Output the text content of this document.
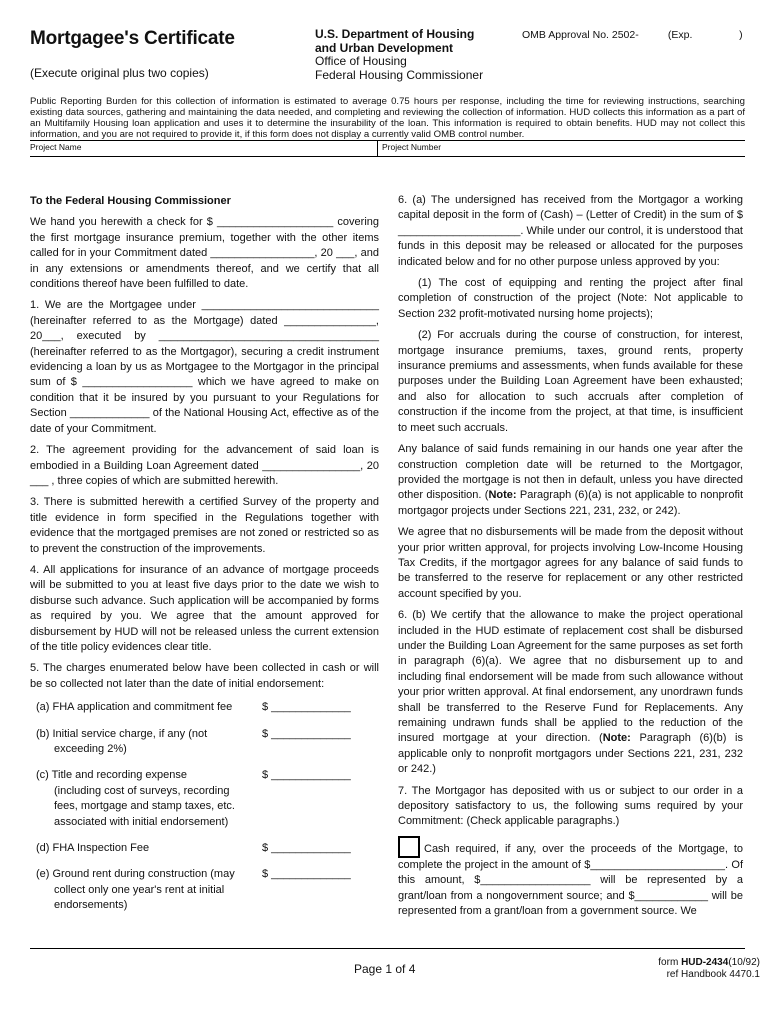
Mortgagee's Certificate
(Execute original plus two copies)
U.S. Department of Housing
and Urban Development
Office of Housing
Federal Housing Commissioner
OMB Approval No. 2502-          (Exp.                )
Public Reporting Burden for this collection of information is estimated to average 0.75 hours per response, including the time for reviewing instructions, searching existing data sources, gathering and maintaining the data needed, and completing and reviewing the collection of information. HUD collects this information as a part of an Multifamily Housing loan application and uses it to determine the insurability of the loan. This information is required to obtain benefits. HUD may not collect this information, and you are not required to provide it, if this form does not display a currently valid OMB control number.
Project Name	Project Number
To the Federal Housing Commissioner

We hand you herewith a check for $ ___________________ covering the first mortgage insurance premium, together with the other items called for in your Commitment dated _________________, 20 ___, and in any extensions or amendments thereof, and we certify that all conditions thereof have been fulfilled to date.

1. We are the Mortgagee under _____________________________ (hereinafter referred to as the Mortgage) dated _______________, 20___, executed by ____________________________________ (hereinafter referred to as the Mortgagor), securing a credit instrument evidencing a loan by us as Mortgagee to the Mortgagor in the principal sum of $ __________________ which we have agreed to make on condition that it be insured by you pursuant to your Regulations for Section _____________ of the National Housing Act, effective as of the date of your Commitment.

2. The agreement providing for the advancement of said loan is embodied in a Building Loan Agreement dated ________________, 20 ___ , three copies of which are submitted herewith.

3. There is submitted herewith a certified Survey of the property and title evidence in form specified in the Regulations together with evidence that the mortgaged premises are not zoned or restricted so as to prevent the construction of the improvements.

4. All applications for insurance of an advance of mortgage proceeds will be submitted to you at least five days prior to the date we wish to disburse such advance. Such application will be accompanied by forms as required by you. We agree that the amount approved for disbursement by HUD will not be released unless the current extension of the title policy evidences clear title.

5. The charges enumerated below have been collected in cash or will be so collected not later than the date of initial endorsement:

(a) FHA application and commitment fee	$ _____________
(b) Initial service charge, if any (not exceeding 2%)
$ _____________
(c) Title and recording expense (including cost of surveys, recording fees, mortgage and stamp taxes, etc. associated with initial endorsement)
$ _____________
(d) FHA Inspection Fee	$ _____________
(e) Ground rent during construction (may collect only one year's rent at initial endorsements)
$ _____________

6. (a) The undersigned has received from the Mortgagor a working capital deposit in the form of (Cash) – (Letter of Credit) in the sum of $ ____________________. While under our control, it is understood that funds in this deposit may be released or allocated for the purposes indicated below and for no other purpose unless approved by you:

(1) The cost of equipping and renting the project after final completion of construction of the project (Note: Not applicable to Section 232 profit-motivated nursing home projects);

(2) For accruals during the course of construction, for interest, mortgage insurance premiums, taxes, ground rents, property insurance premiums and assessments, when funds available for these purposes under the Building Loan Agreement have been exhausted; and also for allocation to such accruals after completion of construction if the income from the project, at that time, is insufficient to meet such accruals.

Any balance of said funds remaining in our hands one year after the construction completion date will be returned to the Mortgagor, provided the mortgage is not then in default, unless you have directed other disposition. (Note: Paragraph (6)(a) is not applicable to nonprofit mortgagor projects under Sections 221, 231, 232, or 242).

We agree that no disbursements will be made from the deposit without your prior written approval, for projects involving Low-Income Housing Tax Credits, if the mortgagor agrees for any balance of said funds to be transferred to the reserve for replacement or any other restricted account specified by you.

6. (b) We certify that the allowance to make the project operational included in the HUD estimate of replacement cost shall be disbursed under the Building Loan Agreement for the same purposes as set forth in paragraph (6)(a). We agree that no disbursement up to and including final endorsement will be made from such allowance without your prior written approval. At final endorsement, any unordrawn funds shall be transferred to the Reserve Fund for Replacements. Any remaining undrawn funds shall be applied to the reduction of the insured mortgage at your direction. (Note: Paragraph (6)(b) is applicable only to nonprofit mortgagors under Sections 221, 231, 232 or 242.)

7. The Mortgagor has deposited with us or subject to our order in a depository satisfactory to us, the following sums required by your Commitment: (Check applicable paragraphs.)

Cash required, if any, over the proceeds of the Mortgage, to complete the project in the amount of $______________________. Of this amount, $__________________ will be represented by a grant/loan from a nongovernment source; and $____________ will be represented from a grant/loan from a government source. We

Page 1 of 4	form HUD-2434(10/92)
ref Handbook 4470.1
